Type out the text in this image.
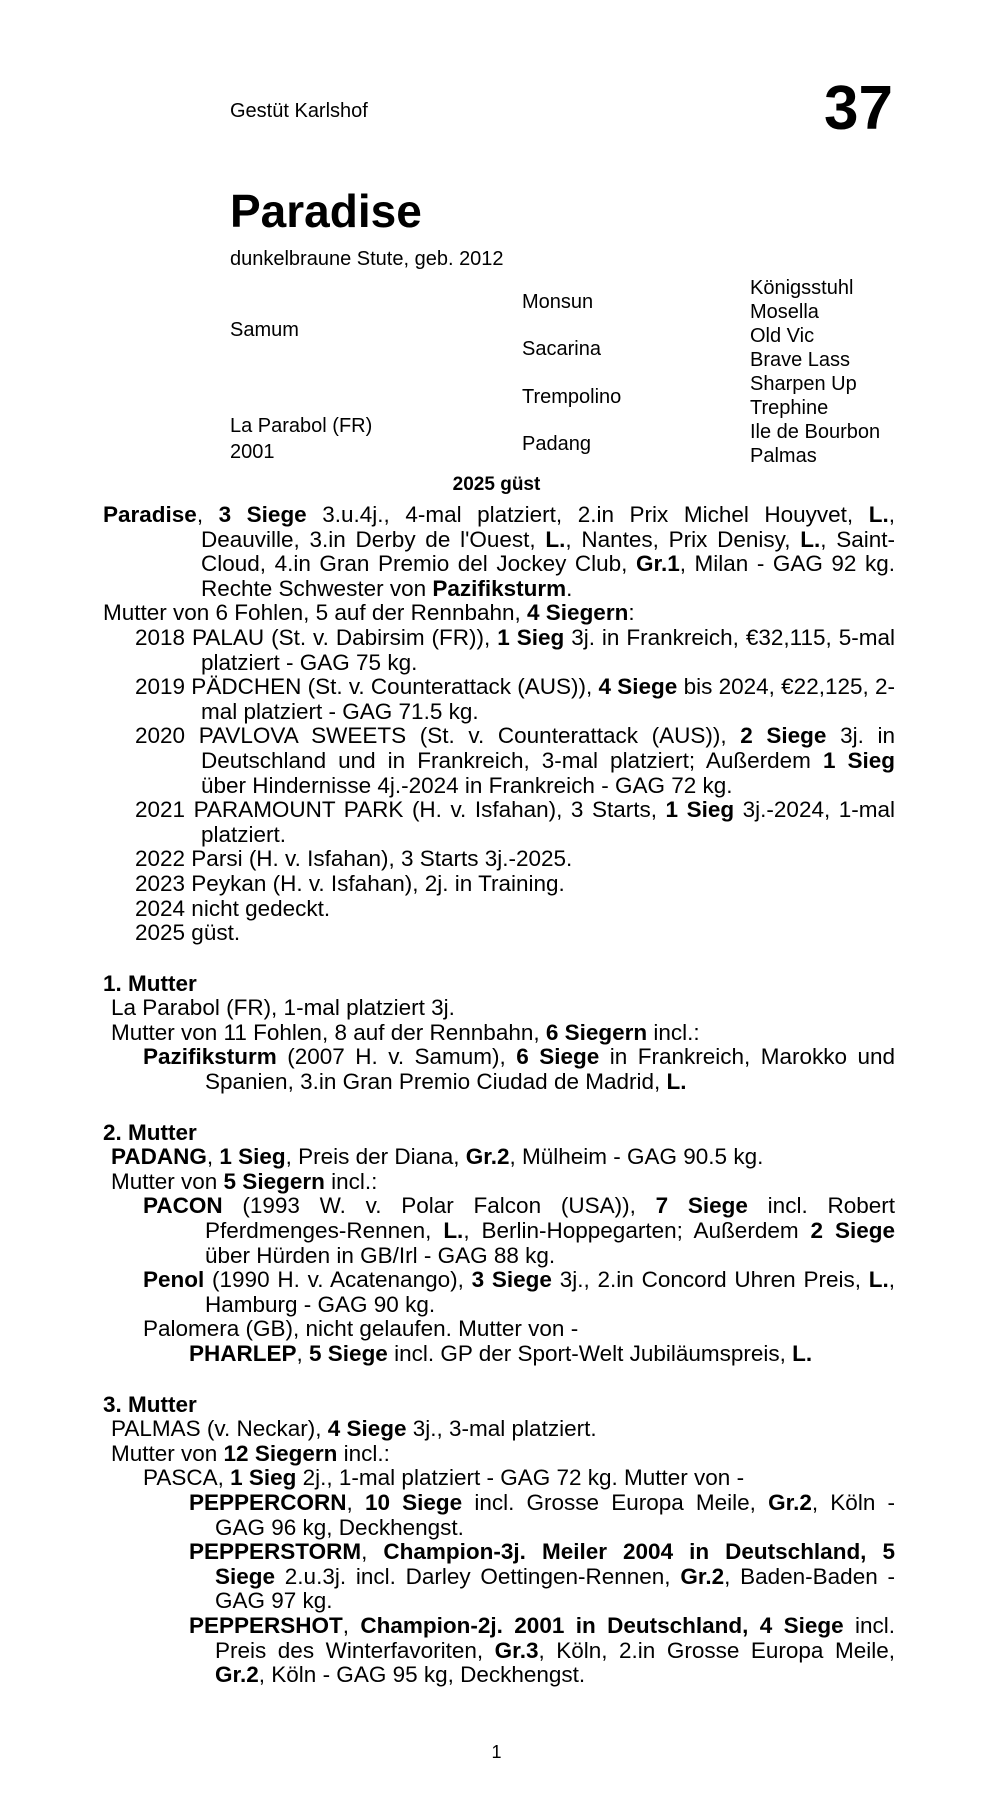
Gestüt Karlshof	37
Paradise
dunkelbraune Stute, geb. 2012
Samum
La Parabol (FR)
2001
Monsun
Sacarina
Trempolino
Padang
Königsstuhl
Mosella
Old Vic
Brave Lass
Sharpen Up
Trephine
Ile de Bourbon
Palmas
2025 güst

Paradise, 3 Siege 3.u.4j., 4-mal platziert, 2.in Prix Michel Houyvet, L., Deauville, 3.in Derby de l'Ouest, L., Nantes, Prix Denisy, L., Saint-Cloud, 4.in Gran Premio del Jockey Club, Gr.1, Milan - GAG 92 kg. Rechte Schwester von Pazifiksturm.

Mutter von 6 Fohlen, 5 auf der Rennbahn, 4 Siegern:

2018 PALAU (St. v. Dabirsim (FR)), 1 Sieg 3j. in Frankreich, €32,115, 5-mal platziert - GAG 75 kg.

2019 PÄDCHEN (St. v. Counterattack (AUS)), 4 Siege bis 2024, €22,125, 2-mal platziert - GAG 71.5 kg.

2020 PAVLOVA SWEETS (St. v. Counterattack (AUS)), 2 Siege 3j. in Deutschland und in Frankreich, 3-mal platziert; Außerdem 1 Sieg über Hindernisse 4j.-2024 in Frankreich - GAG 72 kg.

2021 PARAMOUNT PARK (H. v. Isfahan), 3 Starts, 1 Sieg 3j.-2024, 1-mal platziert.

2022 Parsi (H. v. Isfahan), 3 Starts 3j.-2025.

2023 Peykan (H. v. Isfahan), 2j. in Training.

2024 nicht gedeckt.

2025 güst.

1. Mutter

La Parabol (FR), 1-mal platziert 3j.

Mutter von 11 Fohlen, 8 auf der Rennbahn, 6 Siegern incl.:

Pazifiksturm (2007 H. v. Samum), 6 Siege in Frankreich, Marokko und Spanien, 3.in Gran Premio Ciudad de Madrid, L.

2. Mutter

PADANG, 1 Sieg, Preis der Diana, Gr.2, Mülheim - GAG 90.5 kg.

Mutter von 5 Siegern incl.:

PACON (1993 W. v. Polar Falcon (USA)), 7 Siege incl. Robert Pferdmenges-Rennen, L., Berlin-Hoppegarten; Außerdem 2 Siege über Hürden in GB/Irl - GAG 88 kg.

Penol (1990 H. v. Acatenango), 3 Siege 3j., 2.in Concord Uhren Preis, L., Hamburg - GAG 90 kg.

Palomera (GB), nicht gelaufen. Mutter von -

PHARLEP, 5 Siege incl. GP der Sport-Welt Jubiläumspreis, L.

3. Mutter

PALMAS (v. Neckar), 4 Siege 3j., 3-mal platziert.

Mutter von 12 Siegern incl.:

PASCA, 1 Sieg 2j., 1-mal platziert - GAG 72 kg. Mutter von -

PEPPERCORN, 10 Siege incl. Grosse Europa Meile, Gr.2, Köln - GAG 96 kg, Deckhengst.

PEPPERSTORM, Champion-3j. Meiler 2004 in Deutschland, 5 Siege 2.u.3j. incl. Darley Oettingen-Rennen, Gr.2, Baden-Baden - GAG 97 kg.

PEPPERSHOT, Champion-2j. 2001 in Deutschland, 4 Siege incl. Preis des Winterfavoriten, Gr.3, Köln, 2.in Grosse Europa Meile, Gr.2, Köln - GAG 95 kg, Deckhengst.

1
